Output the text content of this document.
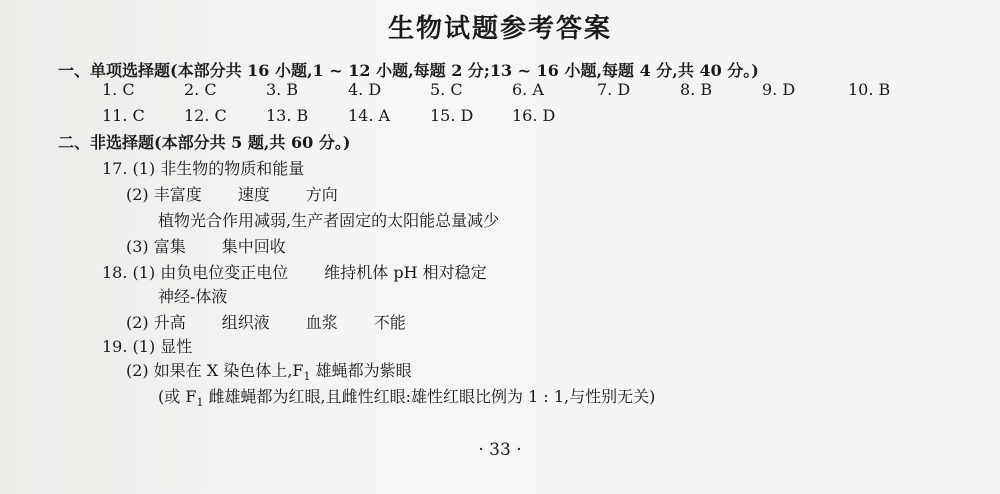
生物试题参考答案
一、单项选择题(本部分共 16 小题,1 ~ 12 小题,每题 2 分;13 ~ 16 小题,每题 4 分,共 40 分。)
1. C	2. C	3. B	4. D	5. C	6. A	7. D	8. B	9. D	10. B
11. C 12. C 13. B 14. A 15. D 16. D
二、非选择题(本部分共 5 题,共 60 分。)
17. (1) 非生物的物质和能量
(2) 丰富度 速度 方向
植物光合作用减弱,生产者固定的太阳能总量减少
(3) 富集 集中回收
18. (1) 由负电位变正电位 维持机体 pH 相对稳定
神经-体液
(2) 升高 组织液 血浆 不能
19. (1) 显性
(2) 如果在 X 染色体上$,F_1$ 雄蝇都为紫眼
(或 $F_1$ 雌雄蝇都为红眼,且雌性红眼:雄性红眼比例为 1 : 1,与性别无关)
· 33 ·
